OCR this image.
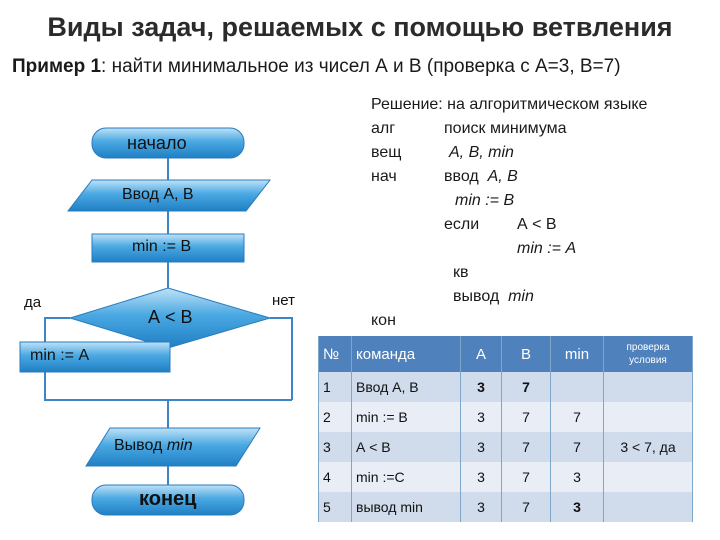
Виды задач, решаемых с помощью ветвления
Пример 1: найти минимальное из чисел А и В (проверка с А=3, В=7)
начало
Ввод А, В
min := В
да
А < В
нет
min := А
Вывод min
конец
Решение: на алгоритмическом языке
алг	поиск минимума
вещ	А, В, min
нач	ввод А, В
min := В
если А < В
min := А
кв
вывод min
кон
№	команда	А	В	min	проверка условия
1	Ввод А, В	3	7		
2	min := В	3	7	7	
3	А < В	3	7	7	3 < 7, да
4	min :=С	3	7	3	
5	вывод min	3	7	3	
